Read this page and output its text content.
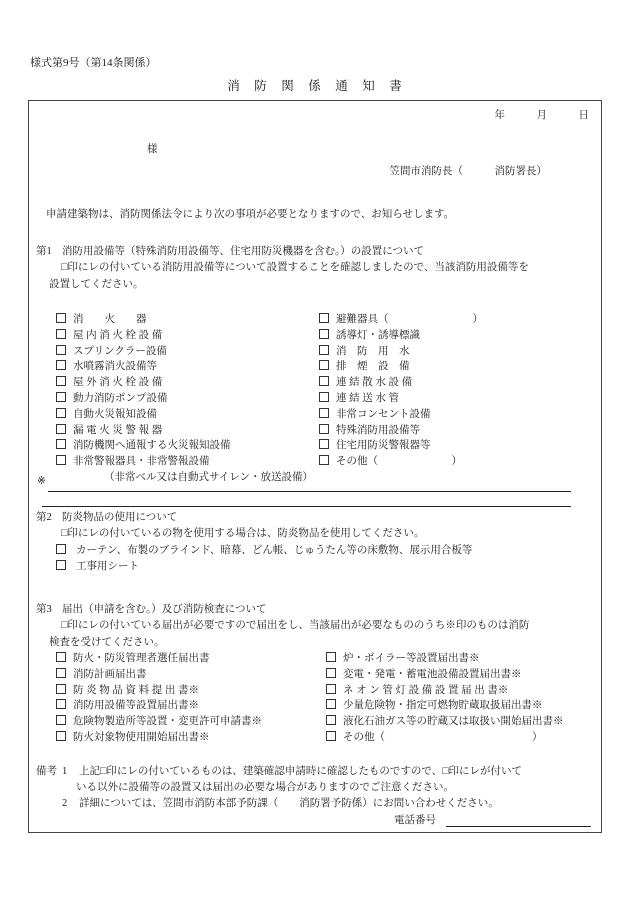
様式第9号（第14条関係）
消　防　関　係　通　知　書
年　　　月　　　日
様
笠間市消防長（　　　消防署長）
申請建築物は、消防関係法令により次の事項が必要となりますので、お知らせします。
第1 消防用設備等（特殊消防用設備等、住宅用防災機器を含む。）の設置について
□印にレの付いている消防用設備等について設置することを確認しましたので、当該消防用設備等を
設置してください。
消　　火　　器
屋 内 消 火 栓 設 備
スプリンクラー設備
水噴霧消火設備等
屋 外 消 火 栓 設 備
動力消防ポンプ設備
自動火災報知設備
漏 電 火 災 警 報 器
消防機関へ通報する火災報知設備
非常警報器具・非常警報設備
（非常ベル又は自動式サイレン・放送設備）
避難器具（　　　　　　　　）
誘導灯・誘導標識
消　防　用　水
排　煙　設　備
連 結 散 水 設 備
連 結 送 水 管
非常コンセント設備
特殊消防用設備等
住宅用防災警報器等
その他（　　　　　　　）
※
第2 防炎物品の使用について
□印にレの付いているの物を使用する場合は、防炎物品を使用してください。
カーテン、布製のブラインド、暗幕、どん帳、じゅうたん等の床敷物、展示用合板等
工事用シート
第3 届出（申請を含む。）及び消防検査について
□印にレの付いている届出が必要ですので届出をし、当該届出が必要なもののうち※印のものは消防
検査を受けてください。
防火・防災管理者選任届出書
消防計画届出書
防 炎 物 品 資 料 提 出 書※
消防用設備等設置届出書※
危険物製造所等設置・変更許可申請書※
防火対象物使用開始届出書※
炉・ボイラー等設置届出書※
変電・発電・蓄電池設備設置届出書※
ネ オ ン 管 灯 設 備 設 置 届 出 書※
少量危険物・指定可燃物貯蔵取扱届出書※
液化石油ガス等の貯蔵又は取扱い開始届出書※
その他（　　　　　　　　　　　　　　）
備考 1	上記□印にレの付いているものは、建築確認申請時に確認したものですので、□印にレが付いて
いる以外に設備等の設置又は届出の必要な場合がありますのでご注意ください。
2	詳細については、笠間市消防本部予防課（　　消防署予防係）にお問い合わせください。
電話番号
